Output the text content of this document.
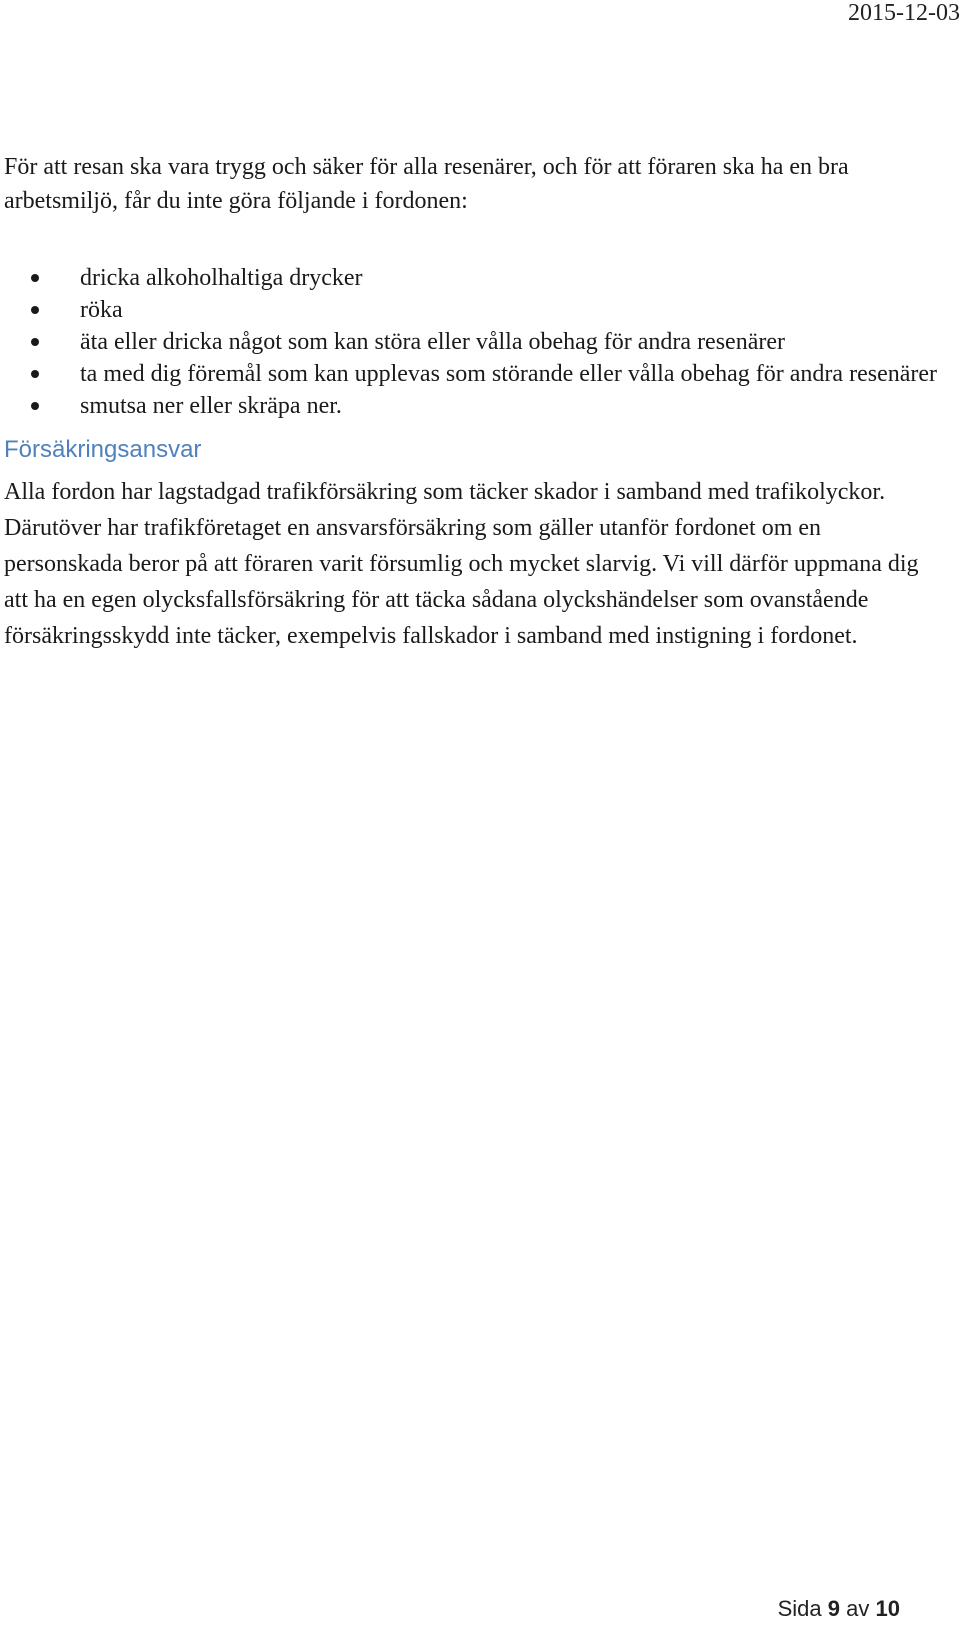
2015-12-03

För att resan ska vara trygg och säker för alla resenärer, och för att föraren ska ha en bra arbetsmiljö, får du inte göra följande i fordonen:

dricka alkoholhaltiga drycker
röka
äta eller dricka något som kan störa eller vålla obehag för andra resenärer
ta med dig föremål som kan upplevas som störande eller vålla obehag för andra resenärer
smutsa ner eller skräpa ner.
Försäkringsansvar

Alla fordon har lagstadgad trafikförsäkring som täcker skador i samband med trafikolyckor. Därutöver har trafikföretaget en ansvarsförsäkring som gäller utanför fordonet om en personskada beror på att föraren varit försumlig och mycket slarvig. Vi vill därför uppmana dig att ha en egen olycksfallsförsäkring för att täcka sådana olyckshändelser som ovanstående försäkringsskydd inte täcker, exempelvis fallskador i samband med instigning i fordonet.

Sida 9 av 10
